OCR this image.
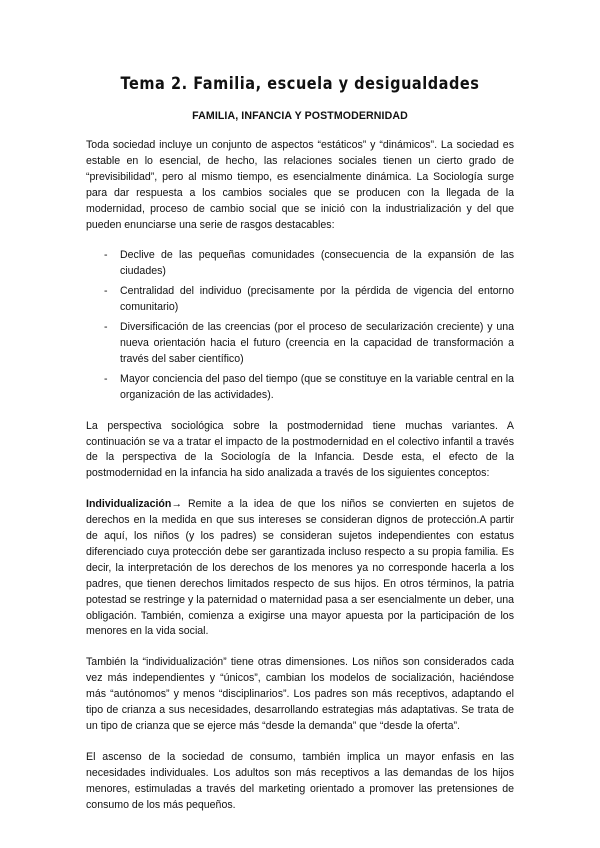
Tema 2. Familia, escuela y desigualdades
FAMILIA, INFANCIA Y POSTMODERNIDAD

Toda sociedad incluye un conjunto de aspectos “estáticos” y “dinámicos”. La sociedad es estable en lo esencial, de hecho, las relaciones sociales tienen un cierto grado de “previsibilidad”, pero al mismo tiempo, es esencialmente dinámica. La Sociología surge para dar respuesta a los cambios sociales que se producen con la llegada de la modernidad, proceso de cambio social que se inició con la industrialización y del que pueden enunciarse una serie de rasgos destacables:

- Declive de las pequeñas comunidades (consecuencia de la expansión de las ciudades)
- Centralidad del individuo (precisamente por la pérdida de vigencia del entorno comunitario)
- Diversificación de las creencias (por el proceso de secularización creciente) y una nueva orientación hacia el futuro (creencia en la capacidad de transformación a través del saber científico)
- Mayor conciencia del paso del tiempo (que se constituye en la variable central en la organización de las actividades).

La perspectiva sociológica sobre la postmodernidad tiene muchas variantes. A continuación se va a tratar el impacto de la postmodernidad en el colectivo infantil a través de la perspectiva de la Sociología de la Infancia. Desde esta, el efecto de la postmodernidad en la infancia ha sido analizada a través de los siguientes conceptos:

Individualización→ Remite a la idea de que los niños se convierten en sujetos de derechos en la medida en que sus intereses se consideran dignos de protección.A partir de aquí, los niños (y los padres) se consideran sujetos independientes con estatus diferenciado cuya protección debe ser garantizada incluso respecto a su propia familia. Es decir, la interpretación de los derechos de los menores ya no corresponde hacerla a los padres, que tienen derechos limitados respecto de sus hijos. En otros términos, la patria potestad se restringe y la paternidad o maternidad pasa a ser esencialmente un deber, una obligación. También, comienza a exigirse una mayor apuesta por la participación de los menores en la vida social.

También la “individualización” tiene otras dimensiones. Los niños son considerados cada vez más independientes y “únicos”, cambian los modelos de socialización, haciéndose más “autónomos” y menos “disciplinarios”. Los padres son más receptivos, adaptando el tipo de crianza a sus necesidades, desarrollando estrategias más adaptativas. Se trata de un tipo de crianza que se ejerce más “desde la demanda” que “desde la oferta”.

El ascenso de la sociedad de consumo, también implica un mayor enfasis en las necesidades individuales. Los adultos son más receptivos a las demandas de los hijos menores, estimuladas a través del marketing orientado a promover las pretensiones de consumo de los más pequeños.
